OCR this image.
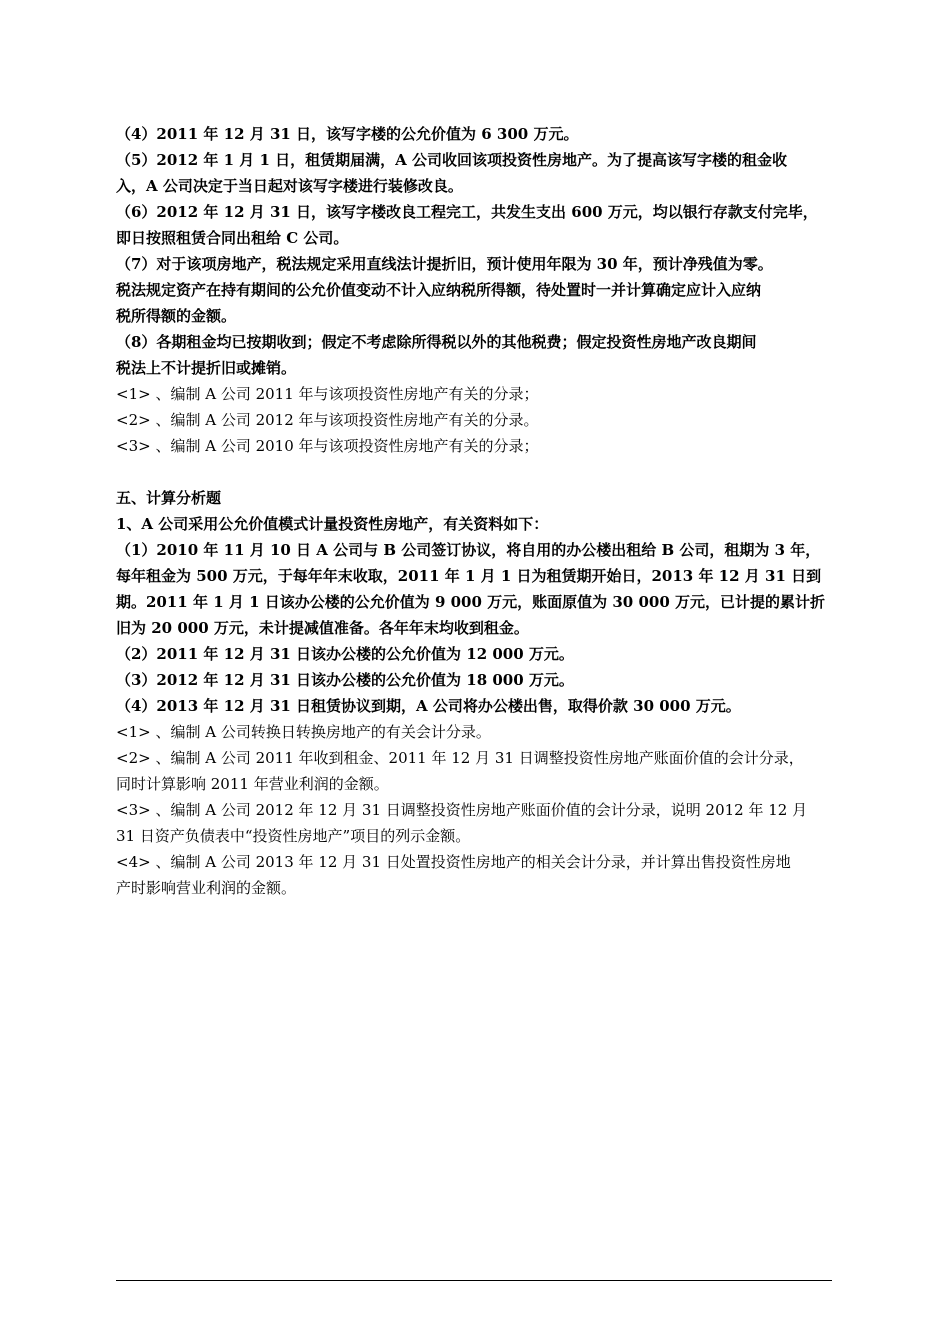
（4）2011 年 12 月 31 日，该写字楼的公允价值为 6 300 万元。
（5）2012 年 1 月 1 日，租赁期届满，A 公司收回该项投资性房地产。为了提高该写字楼的租金收
入，A 公司决定于当日起对该写字楼进行装修改良。
（6）2012 年 12 月 31 日，该写字楼改良工程完工，共发生支出 600 万元，均以银行存款支付完毕，
即日按照租赁合同出租给 C 公司。
（7）对于该项房地产，税法规定采用直线法计提折旧，预计使用年限为 30 年，预计净残值为零。
税法规定资产在持有期间的公允价值变动不计入应纳税所得额，待处置时一并计算确定应计入应纳
税所得额的金额。
（8）各期租金均已按期收到；假定不考虑除所得税以外的其他税费；假定投资性房地产改良期间
税法上不计提折旧或摊销。
<1> 、编制 A 公司 2011 年与该项投资性房地产有关的分录；
<2> 、编制 A 公司 2012 年与该项投资性房地产有关的分录。
<3> 、编制 A 公司 2010 年与该项投资性房地产有关的分录；
五、计算分析题
1、A 公司采用公允价值模式计量投资性房地产，有关资料如下：
（1）2010 年 11 月 10 日 A 公司与 B 公司签订协议，将自用的办公楼出租给 B 公司，租期为 3 年，
每年租金为 500 万元，于每年年末收取，2011 年 1 月 1 日为租赁期开始日，2013 年 12 月 31 日到
期。2011 年 1 月 1 日该办公楼的公允价值为 9 000 万元，账面原值为 30 000 万元，已计提的累计折
旧为 20 000 万元，未计提减值准备。各年年末均收到租金。
（2）2011 年 12 月 31 日该办公楼的公允价值为 12 000 万元。
（3）2012 年 12 月 31 日该办公楼的公允价值为 18 000 万元。
（4）2013 年 12 月 31 日租赁协议到期，A 公司将办公楼出售，取得价款 30 000 万元。
<1> 、编制 A 公司转换日转换房地产的有关会计分录。
<2> 、编制 A 公司 2011 年收到租金、2011 年 12 月 31 日调整投资性房地产账面价值的会计分录，
同时计算影响 2011 年营业利润的金额。
<3> 、编制 A 公司 2012 年 12 月 31 日调整投资性房地产账面价值的会计分录，说明 2012 年 12 月
31 日资产负债表中“投资性房地产”项目的列示金额。
<4> 、编制 A 公司 2013 年 12 月 31 日处置投资性房地产的相关会计分录，并计算出售投资性房地
产时影响营业利润的金额。
